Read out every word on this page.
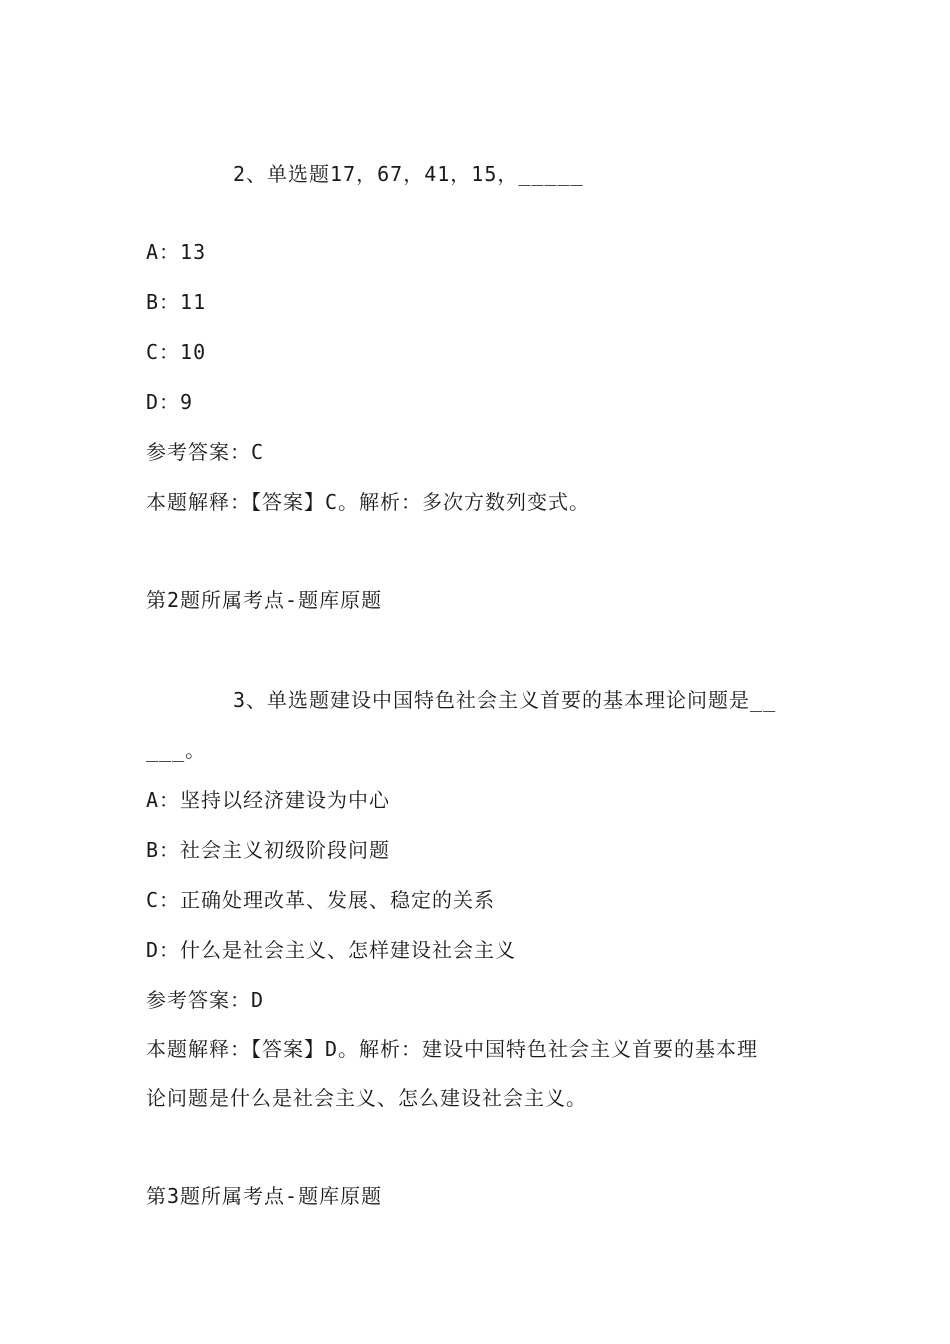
2、单选题17，67，41，15，_____
A：13
B：11
C：10
D：9
参考答案：C
本题解释：【答案】C。解析：多次方数列变式。
第2题所属考点-题库原题
3、单选题建设中国特色社会主义首要的基本理论问题是__
___。
A：坚持以经济建设为中心
B：社会主义初级阶段问题
C：正确处理改革、发展、稳定的关系
D：什么是社会主义、怎样建设社会主义
参考答案：D
本题解释：【答案】D。解析：建设中国特色社会主义首要的基本理
论问题是什么是社会主义、怎么建设社会主义。
第3题所属考点-题库原题
